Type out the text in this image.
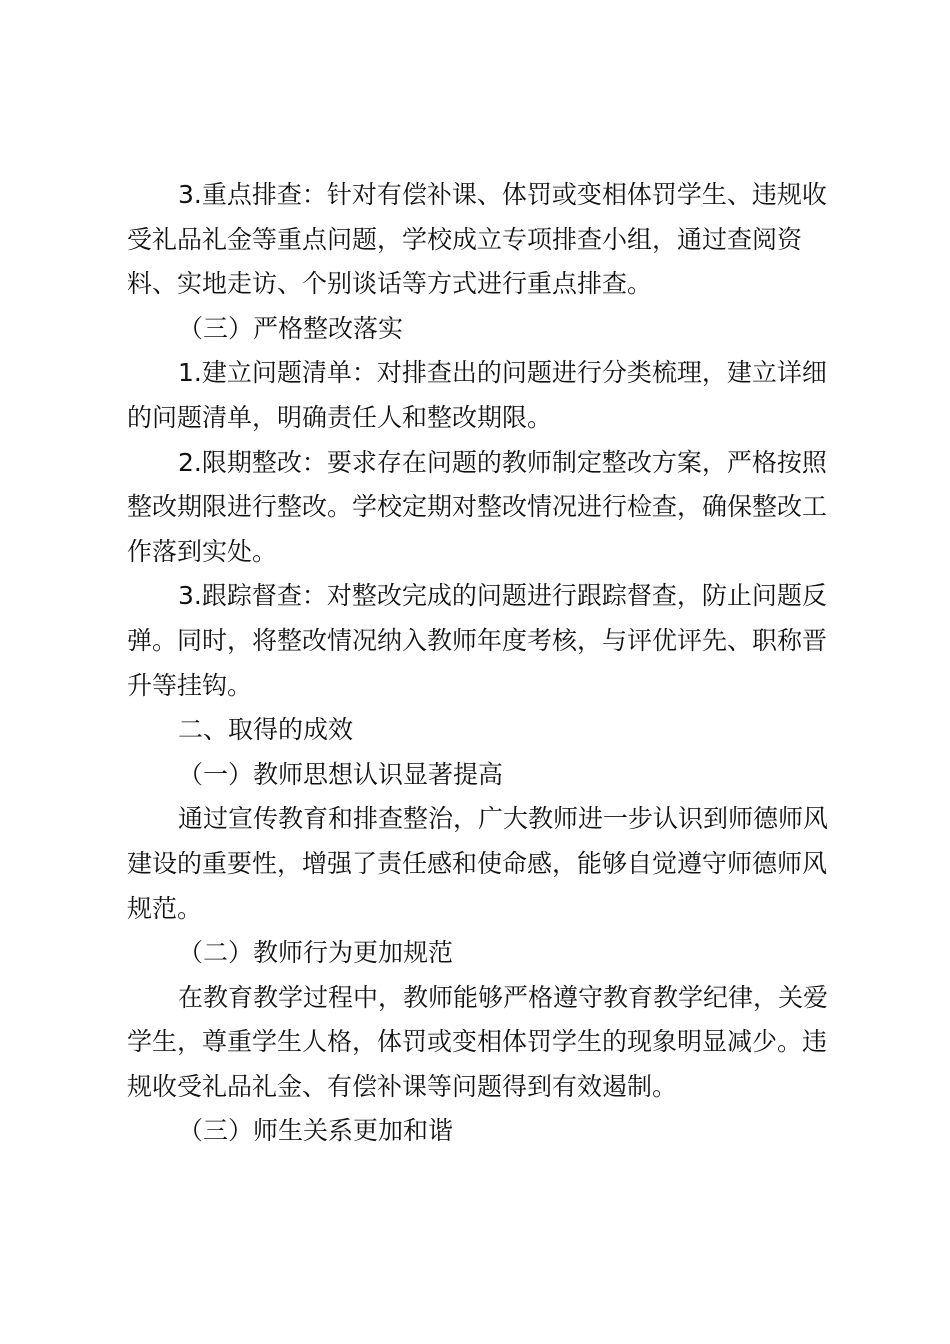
3.重点排查：针对有偿补课、体罚或变相体罚学生、违规收受礼品礼金等重点问题，学校成立专项排查小组，通过查阅资料、实地走访、个别谈话等方式进行重点排查。

（三）严格整改落实

1.建立问题清单：对排查出的问题进行分类梳理，建立详细的问题清单，明确责任人和整改期限。

2.限期整改：要求存在问题的教师制定整改方案，严格按照整改期限进行整改。学校定期对整改情况进行检查，确保整改工作落到实处。

3.跟踪督查：对整改完成的问题进行跟踪督查，防止问题反弹。同时，将整改情况纳入教师年度考核，与评优评先、职称晋升等挂钩。

二、取得的成效

（一）教师思想认识显著提高

通过宣传教育和排查整治，广大教师进一步认识到师德师风建设的重要性，增强了责任感和使命感，能够自觉遵守师德师风规范。

（二）教师行为更加规范

在教育教学过程中，教师能够严格遵守教育教学纪律，关爱学生，尊重学生人格，体罚或变相体罚学生的现象明显减少。违规收受礼品礼金、有偿补课等问题得到有效遏制。

（三）师生关系更加和谐
